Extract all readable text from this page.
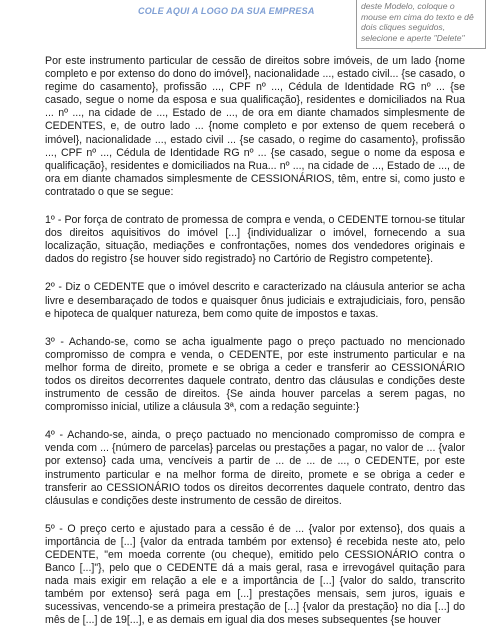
COLE AQUI A LOGO DA SUA EMPRESA	deste Modelo, coloque o mouse em cima do texto e dê dois cliques seguidos, selecione e aperte "Delete"

Por este instrumento particular de cessão de direitos sobre imóveis, de um lado {nome completo e por extenso do dono do imóvel}, nacionalidade ..., estado civil... {se casado, o regime do casamento}, profissão ..., CPF nº ..., Cédula de Identidade RG nº ... {se casado, segue o nome da esposa e sua qualificação}, residentes e domiciliados na Rua ... nº ..., na cidade de ..., Estado de ..., de ora em diante chamados simplesmente de CEDENTES, e, de outro lado ... {nome completo e por extenso de quem receberá o imóvel}, nacionalidade ..., estado civil ... {se casado, o regime do casamento}, profissão ..., CPF nº ..., Cédula de Identidade RG nº ... {se casado, segue o nome da esposa e qualificação}, residentes e domiciliados na Rua... nº ..., na cidade de ..., Estado de ..., de ora em diante chamados simplesmente de CESSIONÁRIOS, têm, entre si, como justo e contratado o que se segue:

1º - Por força de contrato de promessa de compra e venda, o CEDENTE tornou-se titular dos direitos aquisitivos do imóvel [...] {individualizar o imóvel, fornecendo a sua localização, situação, mediações e confrontações, nomes dos vendedores originais e dados do registro {se houver sido registrado} no Cartório de Registro competente}.

2º - Diz o CEDENTE que o imóvel descrito e caracterizado na cláusula anterior se acha livre e desembaraçado de todos e quaisquer ônus judiciais e extrajudiciais, foro, pensão e hipoteca de qualquer natureza, bem como quite de impostos e taxas.

3º - Achando-se, como se acha igualmente pago o preço pactuado no mencionado compromisso de compra e venda, o CEDENTE, por este instrumento particular e na melhor forma de direito, promete e se obriga a ceder e transferir ao CESSIONÁRIO todos os direitos decorrentes daquele contrato, dentro das cláusulas e condições deste instrumento de cessão de direitos. {Se ainda houver parcelas a serem pagas, no compromisso inicial, utilize a cláusula 3ª, com a redação seguinte:}

4º - Achando-se, ainda, o preço pactuado no mencionado compromisso de compra e venda com ... {número de parcelas} parcelas ou prestações a pagar, no valor de ... {valor por extenso} cada uma, vencíveis a partir de ... de ... de ..., o CEDENTE, por este instrumento particular e na melhor forma de direito, promete e se obriga a ceder e transferir ao CESSIONÁRIO todos os direitos decorrentes daquele contrato, dentro das cláusulas e condições deste instrumento de cessão de direitos.

5º - O preço certo e ajustado para a cessão é de ... {valor por extenso}, dos quais a importância de [...] {valor da entrada também por extenso} é recebida neste ato, pelo CEDENTE, "em moeda corrente (ou cheque), emitido pelo CESSIONÁRIO contra o Banco [...]"}, pelo que o CEDENTE dá a mais geral, rasa e irrevogável quitação para nada mais exigir em relação a ele e a importância de [...] {valor do saldo, transcrito também por extenso} será paga em [...] prestações mensais, sem juros, iguais e sucessivas, vencendo-se a primeira prestação de [...] {valor da prestação} no dia [...] do mês de [...] de 19[...], e as demais em igual dia dos meses subsequentes {se houver
